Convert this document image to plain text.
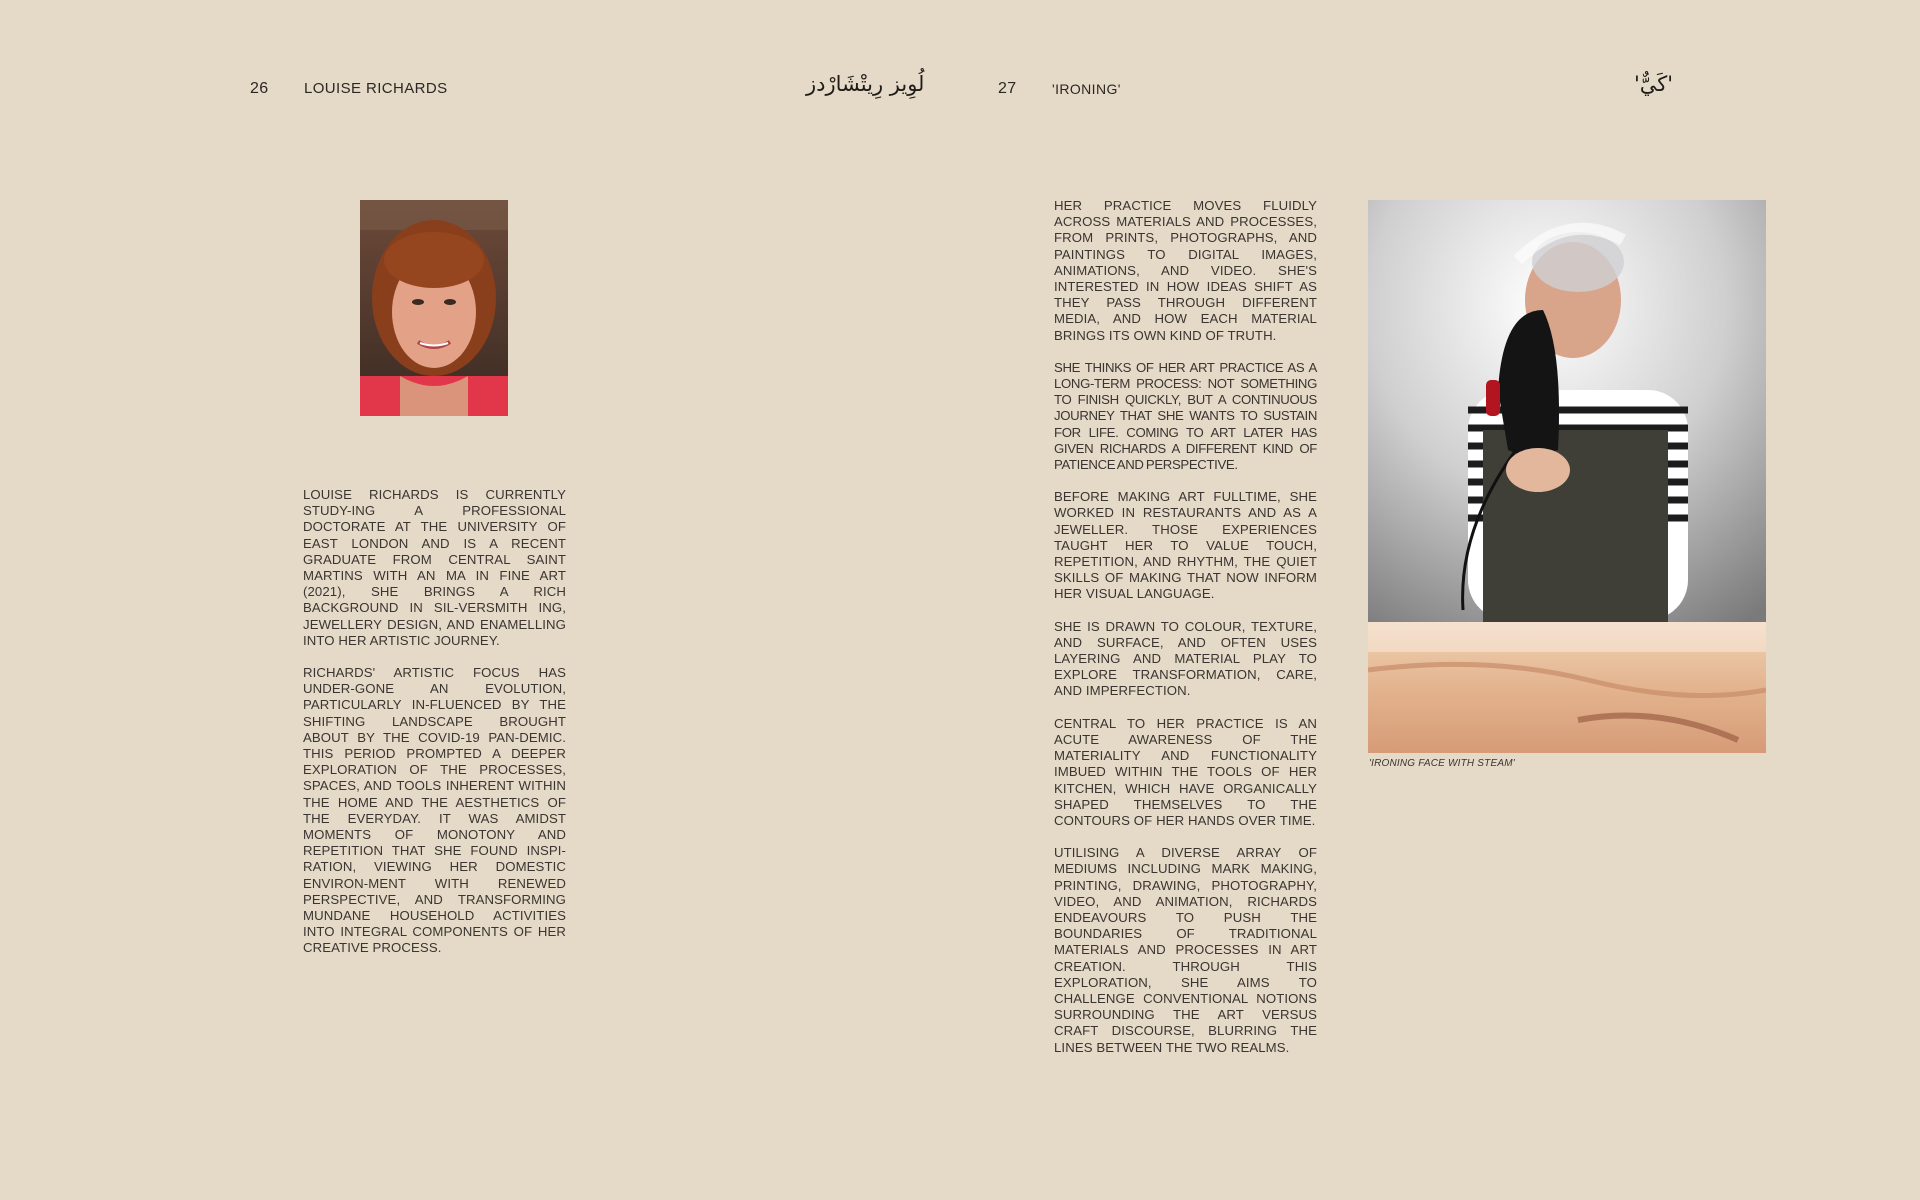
26 LOUISE RICHARDS	لُوِيز رِيتْشَارْدز	27	'IRONING'	'كَيٌّ'

LOUISE RICHARDS IS CURRENTLY STUDY-ING A PROFESSIONAL DOCTORATE AT THE UNIVERSITY OF EAST LONDON AND IS A RECENT GRADUATE FROM CENTRAL SAINT MARTINS WITH AN MA IN FINE ART (2021), SHE BRINGS A RICH BACKGROUND IN SIL-VERSMITH ING, JEWELLERY DESIGN, AND ENAMELLING INTO HER ARTISTIC JOURNEY.

RICHARDS' ARTISTIC FOCUS HAS UNDER-GONE AN EVOLUTION, PARTICULARLY IN-FLUENCED BY THE SHIFTING LANDSCAPE BROUGHT ABOUT BY THE COVID-19 PAN-DEMIC. THIS PERIOD PROMPTED A DEEPER EXPLORATION OF THE PROCESSES, SPACES, AND TOOLS INHERENT WITHIN THE HOME AND THE AESTHETICS OF THE EVERYDAY. IT WAS AMIDST MOMENTS OF MONOTONY AND REPETITION THAT SHE FOUND INSPI-RATION, VIEWING HER DOMESTIC ENVIRON-MENT WITH RENEWED PERSPECTIVE, AND TRANSFORMING MUNDANE HOUSEHOLD ACTIVITIES INTO INTEGRAL COMPONENTS OF HER CREATIVE PROCESS.

HER PRACTICE MOVES FLUIDLY ACROSS MATERIALS AND PROCESSES, FROM PRINTS, PHOTOGRAPHS, AND PAINTINGS TO DIGITAL IMAGES, ANIMATIONS, AND VIDEO. SHE'S INTERESTED IN HOW IDEAS SHIFT AS THEY PASS THROUGH DIFFERENT MEDIA, AND HOW EACH MATERIAL BRINGS ITS OWN KIND OF TRUTH.

SHE THINKS OF HER ART PRACTICE AS A LONG-TERM PROCESS: NOT SOMETHING TO FINISH QUICKLY, BUT A CONTINUOUS JOURNEY THAT SHE WANTS TO SUSTAIN FOR LIFE. COMING TO ART LATER HAS GIVEN RICHARDS A DIFFERENT KIND OF PATIENCE AND PERSPECTIVE.

BEFORE MAKING ART FULLTIME, SHE WORKED IN RESTAURANTS AND AS A JEWELLER. THOSE EXPERIENCES TAUGHT HER TO VALUE TOUCH, REPETITION, AND RHYTHM, THE QUIET SKILLS OF MAKING THAT NOW INFORM HER VISUAL LANGUAGE.

SHE IS DRAWN TO COLOUR, TEXTURE, AND SURFACE, AND OFTEN USES LAYERING AND MATERIAL PLAY TO EXPLORE TRANSFORMATION, CARE, AND IMPERFECTION.

CENTRAL TO HER PRACTICE IS AN ACUTE AWARENESS OF THE MATERIALITY AND FUNCTIONALITY IMBUED WITHIN THE TOOLS OF HER KITCHEN, WHICH HAVE ORGANICALLY SHAPED THEMSELVES TO THE CONTOURS OF HER HANDS OVER TIME.

UTILISING A DIVERSE ARRAY OF MEDIUMS INCLUDING MARK MAKING, PRINTING, DRAWING, PHOTOGRAPHY, VIDEO, AND ANIMATION, RICHARDS ENDEAVOURS TO PUSH THE BOUNDARIES OF TRADITIONAL MATERIALS AND PROCESSES IN ART CREATION. THROUGH THIS EXPLORATION, SHE AIMS TO CHALLENGE CONVENTIONAL NOTIONS SURROUNDING THE ART VERSUS CRAFT DISCOURSE, BLURRING THE LINES BETWEEN THE TWO REALMS.

'IRONING FACE WITH STEAM'
